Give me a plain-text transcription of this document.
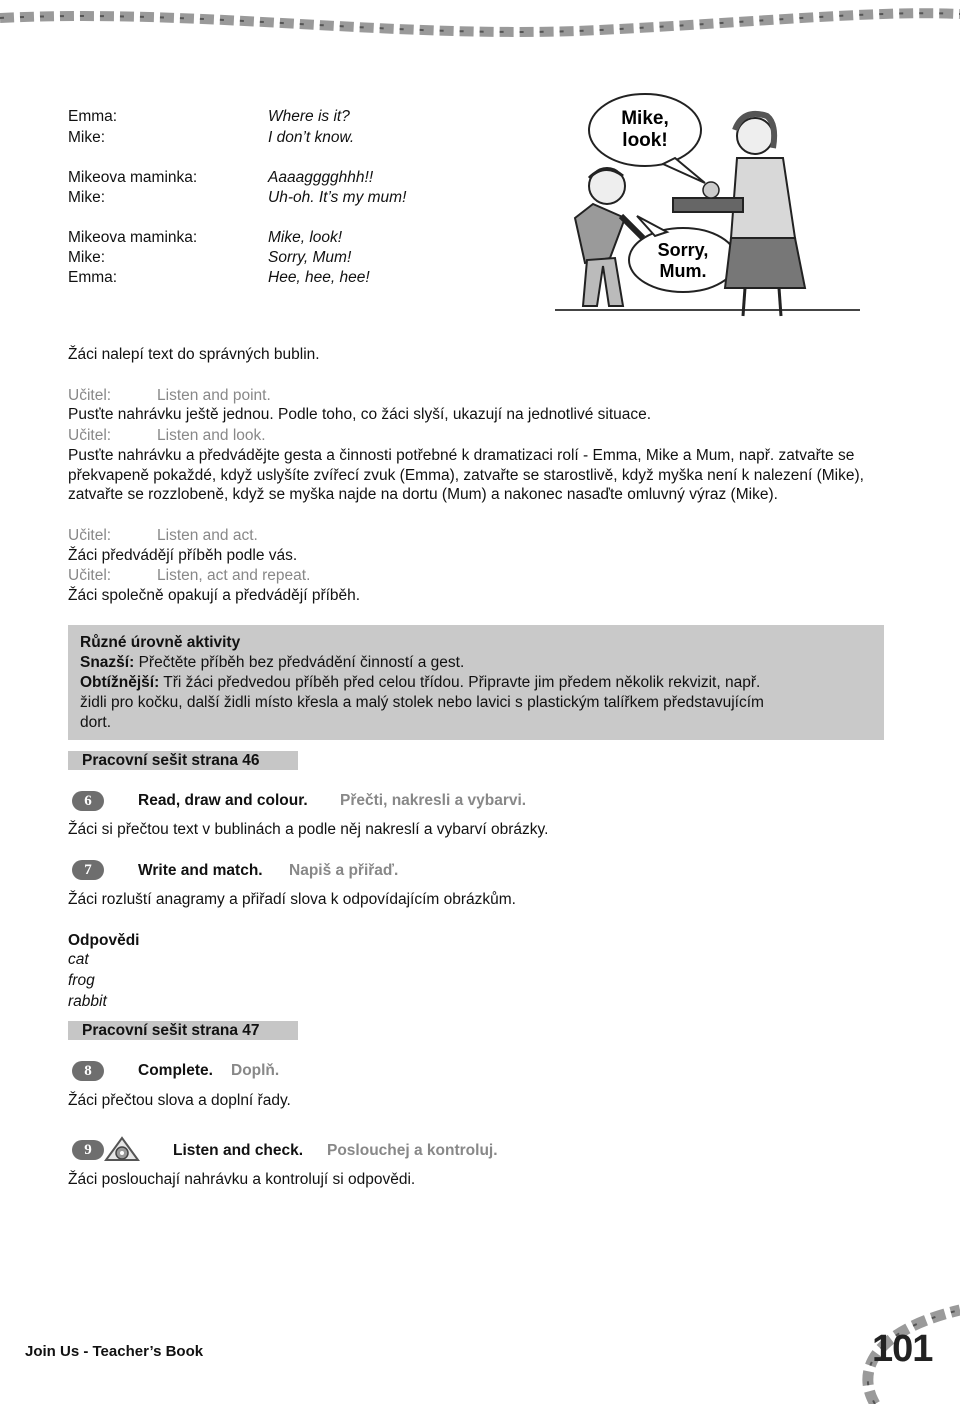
Emma:	Where is it?
Mike:	I don’t know.
Mikeova maminka:	Aaaagggghhh!!
Mike:	Uh-oh. It’s my mum!
Mikeova maminka:	Mike, look!
Mike:	Sorry, Mum!
Emma:	Hee, hee, hee!
Mike,
look!
Sorry,
Mum.
Žáci nalepí text do správných bublin.
Učitel:	Listen and point.
Pusťte nahrávku ještě jednou. Podle toho, co žáci slyší, ukazují na jednotlivé situace.
Učitel:	Listen and look.
Pusťte nahrávku a předvádějte gesta a činnosti potřebné k dramatizaci rolí - Emma, Mike a Mum, např. zatvařte se překvapeně pokaždé, když uslyšíte zvířecí zvuk (Emma), zatvařte se starostlivě, když myška není k nalezení (Mike), zatvařte se rozzlobeně, když se myška najde na dortu (Mum) a nakonec nasaďte omluvný výraz (Mike).
Učitel:	Listen and act.
Žáci předvádějí příběh podle vás.
Učitel:	Listen, act and repeat.
Žáci společně opakují a předvádějí příběh.
Různé úrovně aktivity
Snazší: Přečtěte příběh bez předvádění činností a gest.
Obtížnější: Tři žáci předvedou příběh před celou třídou. Připravte jim předem několik rekvizit, např.
židli pro kočku, další židli místo křesla a malý stolek nebo lavici s plastickým talířkem představujícím
dort.
Pracovní sešit strana 46
6	Read, draw and colour. Přečti, nakresli a vybarvi.
Žáci si přečtou text v bublinách a podle něj nakreslí a vybarví obrázky.
7	Write and match. Napiš a přiřaď.
Žáci rozluští anagramy a přiřadí slova k odpovídajícím obrázkům.
Odpovědi
cat
frog
rabbit
Pracovní sešit strana 47
8	Complete. Doplň.
Žáci přečtou slova a doplní řady.
9	Listen and check. Poslouchej a kontroluj.
Žáci poslouchají nahrávku a kontrolují si odpovědi.
Join Us - Teacher’s Book	101
